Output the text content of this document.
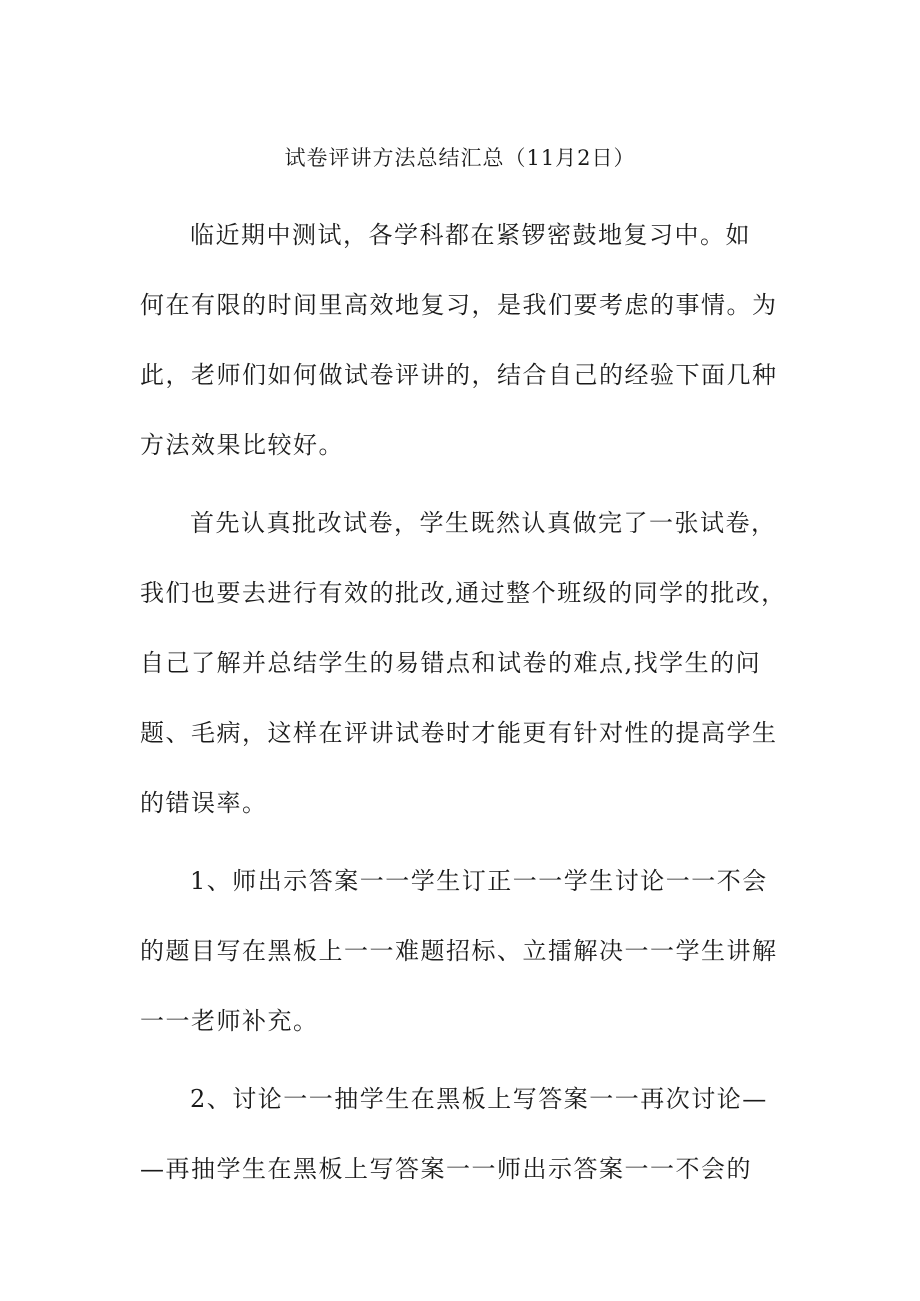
试卷评讲方法总结汇总（11月2日）

临近期中测试，各学科都在紧锣密鼓地复习中。如

何在有限的时间里高效地复习，是我们要考虑的事情。为

此，老师们如何做试卷评讲的，结合自己的经验下面几种

方法效果比较好。

首先认真批改试卷，学生既然认真做完了一张试卷，

我们也要去进行有效的批改,通过整个班级的同学的批改，

自己了解并总结学生的易错点和试卷的难点,找学生的问

题、毛病，这样在评讲试卷时才能更有针对性的提高学生

的错误率。

1、师出示答案一一学生订正一一学生讨论一一不会

的题目写在黑板上一一难题招标、立擂解决一一学生讲解

一一老师补充。

2、讨论一一抽学生在黑板上写答案一一再次讨论—

—再抽学生在黑板上写答案一一师出示答案一一不会的
